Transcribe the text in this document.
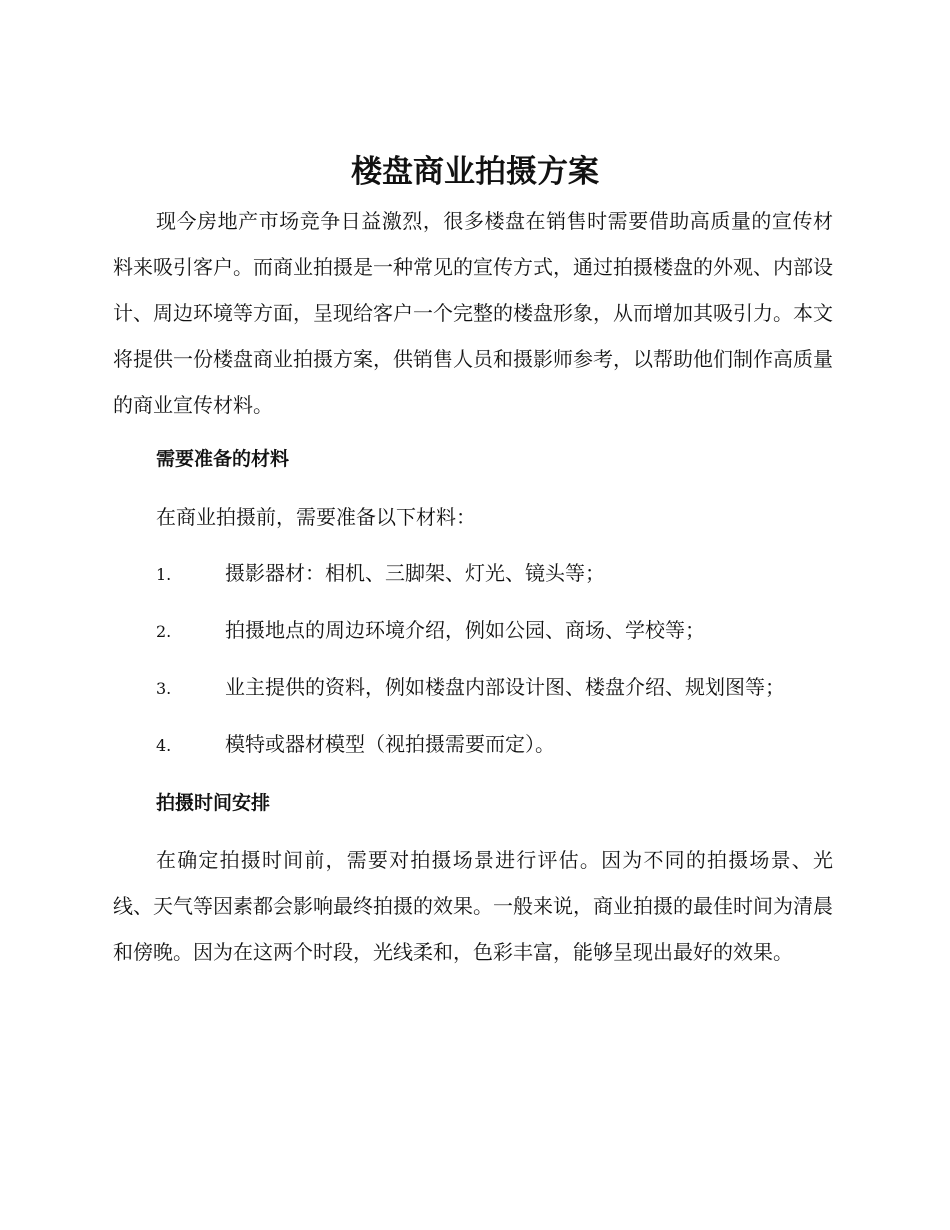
楼盘商业拍摄方案

现今房地产市场竞争日益激烈，很多楼盘在销售时需要借助高质量的宣传材料来吸引客户。而商业拍摄是一种常见的宣传方式，通过拍摄楼盘的外观、内部设计、周边环境等方面，呈现给客户一个完整的楼盘形象，从而增加其吸引力。本文将提供一份楼盘商业拍摄方案，供销售人员和摄影师参考，以帮助他们制作高质量的商业宣传材料。

需要准备的材料

在商业拍摄前，需要准备以下材料：

1.	摄影器材：相机、三脚架、灯光、镜头等；
2.	拍摄地点的周边环境介绍，例如公园、商场、学校等；
3.	业主提供的资料，例如楼盘内部设计图、楼盘介绍、规划图等；
4.	模特或器材模型（视拍摄需要而定）。
拍摄时间安排

在确定拍摄时间前，需要对拍摄场景进行评估。因为不同的拍摄场景、光线、天气等因素都会影响最终拍摄的效果。一般来说，商业拍摄的最佳时间为清晨和傍晚。因为在这两个时段，光线柔和，色彩丰富，能够呈现出最好的效果。
